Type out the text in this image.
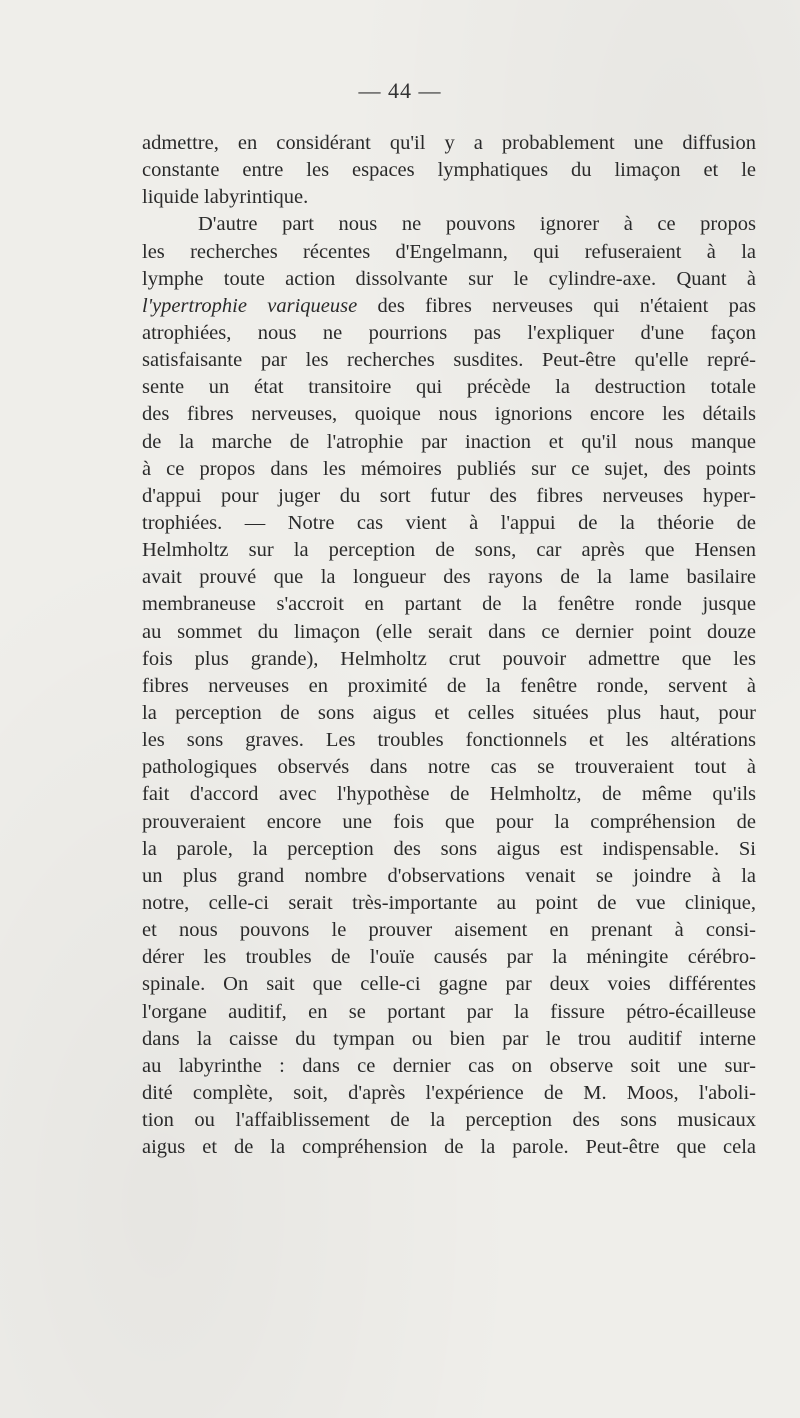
— 44 —
admettre, en considérant qu'il y a probablement une diffusion
constante entre les espaces lymphatiques du limaçon et le
liquide labyrintique.
D'autre part nous ne pouvons ignorer à ce propos
les recherches récentes d'Engelmann, qui refuseraient à la
lymphe toute action dissolvante sur le cylindre-axe. Quant à
l'ypertrophie variqueuse des fibres nerveuses qui n'étaient pas
atrophiées, nous ne pourrions pas l'expliquer d'une façon
satisfaisante par les recherches susdites. Peut-être qu'elle repré-
sente un état transitoire qui précède la destruction totale
des fibres nerveuses, quoique nous ignorions encore les détails
de la marche de l'atrophie par inaction et qu'il nous manque
à ce propos dans les mémoires publiés sur ce sujet, des points
d'appui pour juger du sort futur des fibres nerveuses hyper-
trophiées. — Notre cas vient à l'appui de la théorie de
Helmholtz sur la perception de sons, car après que Hensen
avait prouvé que la longueur des rayons de la lame basilaire
membraneuse s'accroit en partant de la fenêtre ronde jusque
au sommet du limaçon (elle serait dans ce dernier point douze
fois plus grande), Helmholtz crut pouvoir admettre que les
fibres nerveuses en proximité de la fenêtre ronde, servent à
la perception de sons aigus et celles situées plus haut, pour
les sons graves. Les troubles fonctionnels et les altérations
pathologiques observés dans notre cas se trouveraient tout à
fait d'accord avec l'hypothèse de Helmholtz, de même qu'ils
prouveraient encore une fois que pour la compréhension de
la parole, la perception des sons aigus est indispensable. Si
un plus grand nombre d'observations venait se joindre à la
notre, celle-ci serait très-importante au point de vue clinique,
et nous pouvons le prouver aisement en prenant à consi-
dérer les troubles de l'ouïe causés par la méningite cérébro-
spinale. On sait que celle-ci gagne par deux voies différentes
l'organe auditif, en se portant par la fissure pétro-écailleuse
dans la caisse du tympan ou bien par le trou auditif interne
au labyrinthe : dans ce dernier cas on observe soit une sur-
dité complète, soit, d'après l'expérience de M. Moos, l'aboli-
tion ou l'affaiblissement de la perception des sons musicaux
aigus et de la compréhension de la parole. Peut-être que cela
